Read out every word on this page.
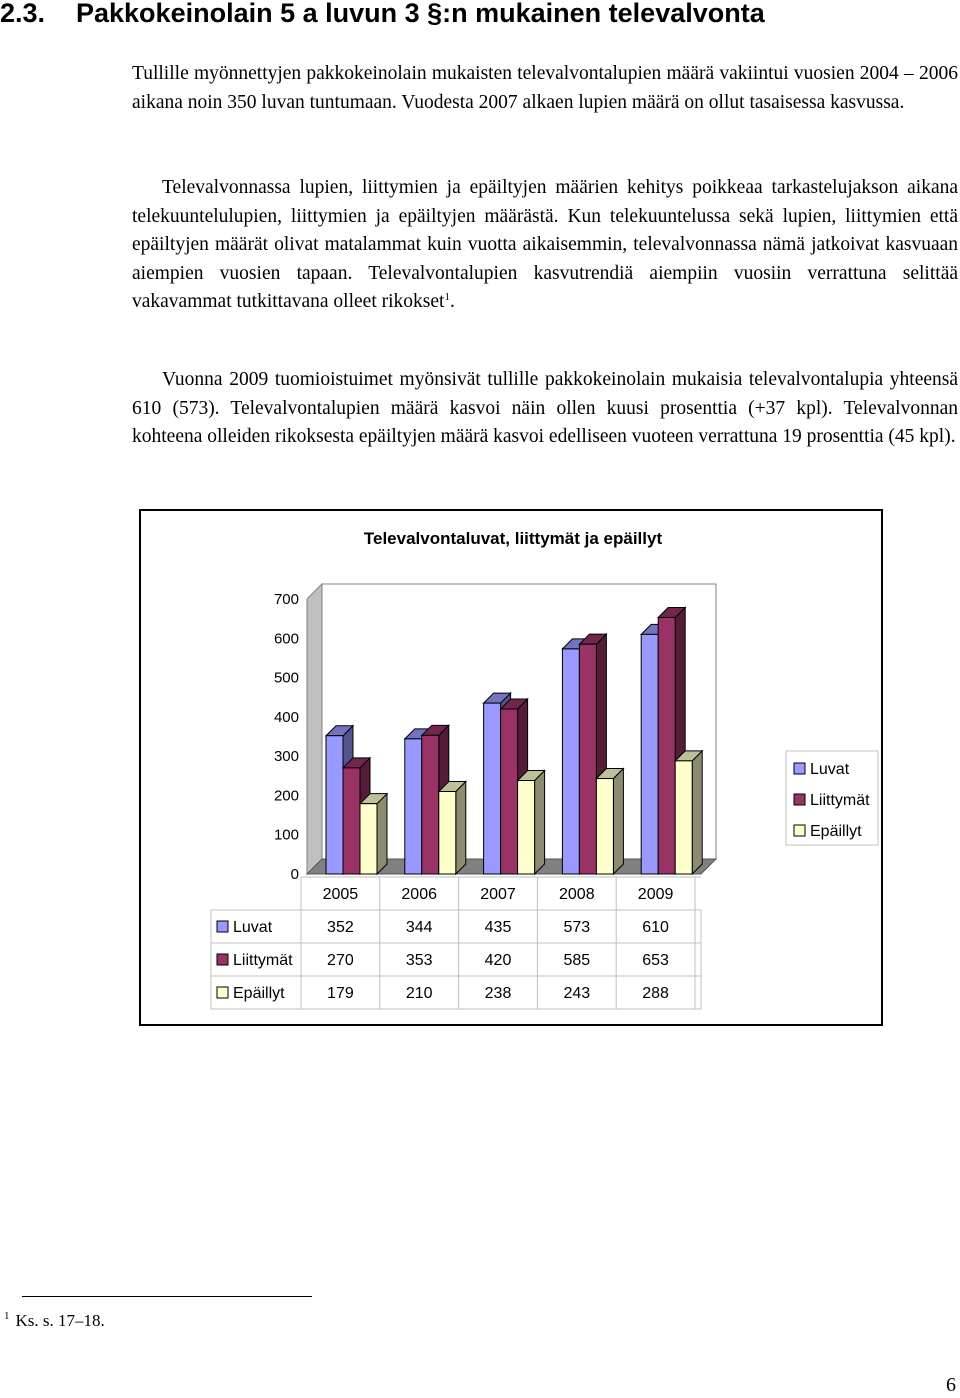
2.3. Pakkokeinolain 5 a luvun 3 §:n mukainen televalvonta

Tullille myönnettyjen pakkokeinolain mukaisten televalvontalupien määrä vakiintui vuosien 2004 – 2006 aikana noin 350 luvan tuntumaan. Vuodesta 2007 alkaen lupien määrä on ollut tasaisessa kasvussa.

Televalvonnassa lupien, liittymien ja epäiltyjen määrien kehitys poikkeaa tarkastelujakson aikana telekuuntelulupien, liittymien ja epäiltyjen määrästä. Kun telekuuntelussa sekä lupien, liittymien että epäiltyjen määrät olivat matalammat kuin vuotta aikaisemmin, televalvonnassa nämä jatkoivat kasvuaan aiempien vuosien tapaan. Televalvontalupien kasvutrendiä aiempiin vuosiin verrattuna selittää vakavammat tutkittavana olleet rikokset$^1$.

Vuonna 2009 tuomioistuimet myönsivät tullille pakkokeinolain mukaisia televalvontalupia yhteensä 610 (573). Televalvontalupien määrä kasvoi näin ollen kuusi prosenttia (+37 kpl). Televalvonnan kohteena olleiden rikoksesta epäiltyjen määrä kasvoi edelliseen vuoteen verrattuna 19 prosenttia (45 kpl).

Televalvontaluvat, liittymät ja epäillyt
0
100
200
300
400
500
600
700
2005	2006	2007	2008	2009
Luvat	352	344	435	573	610
Liittymät 270	353	420	585	653
Epäillyt	179	210	238	243	288
Luvat
Liittymät
Epäillyt
$^1$ Ks. s. 17–18.
6
